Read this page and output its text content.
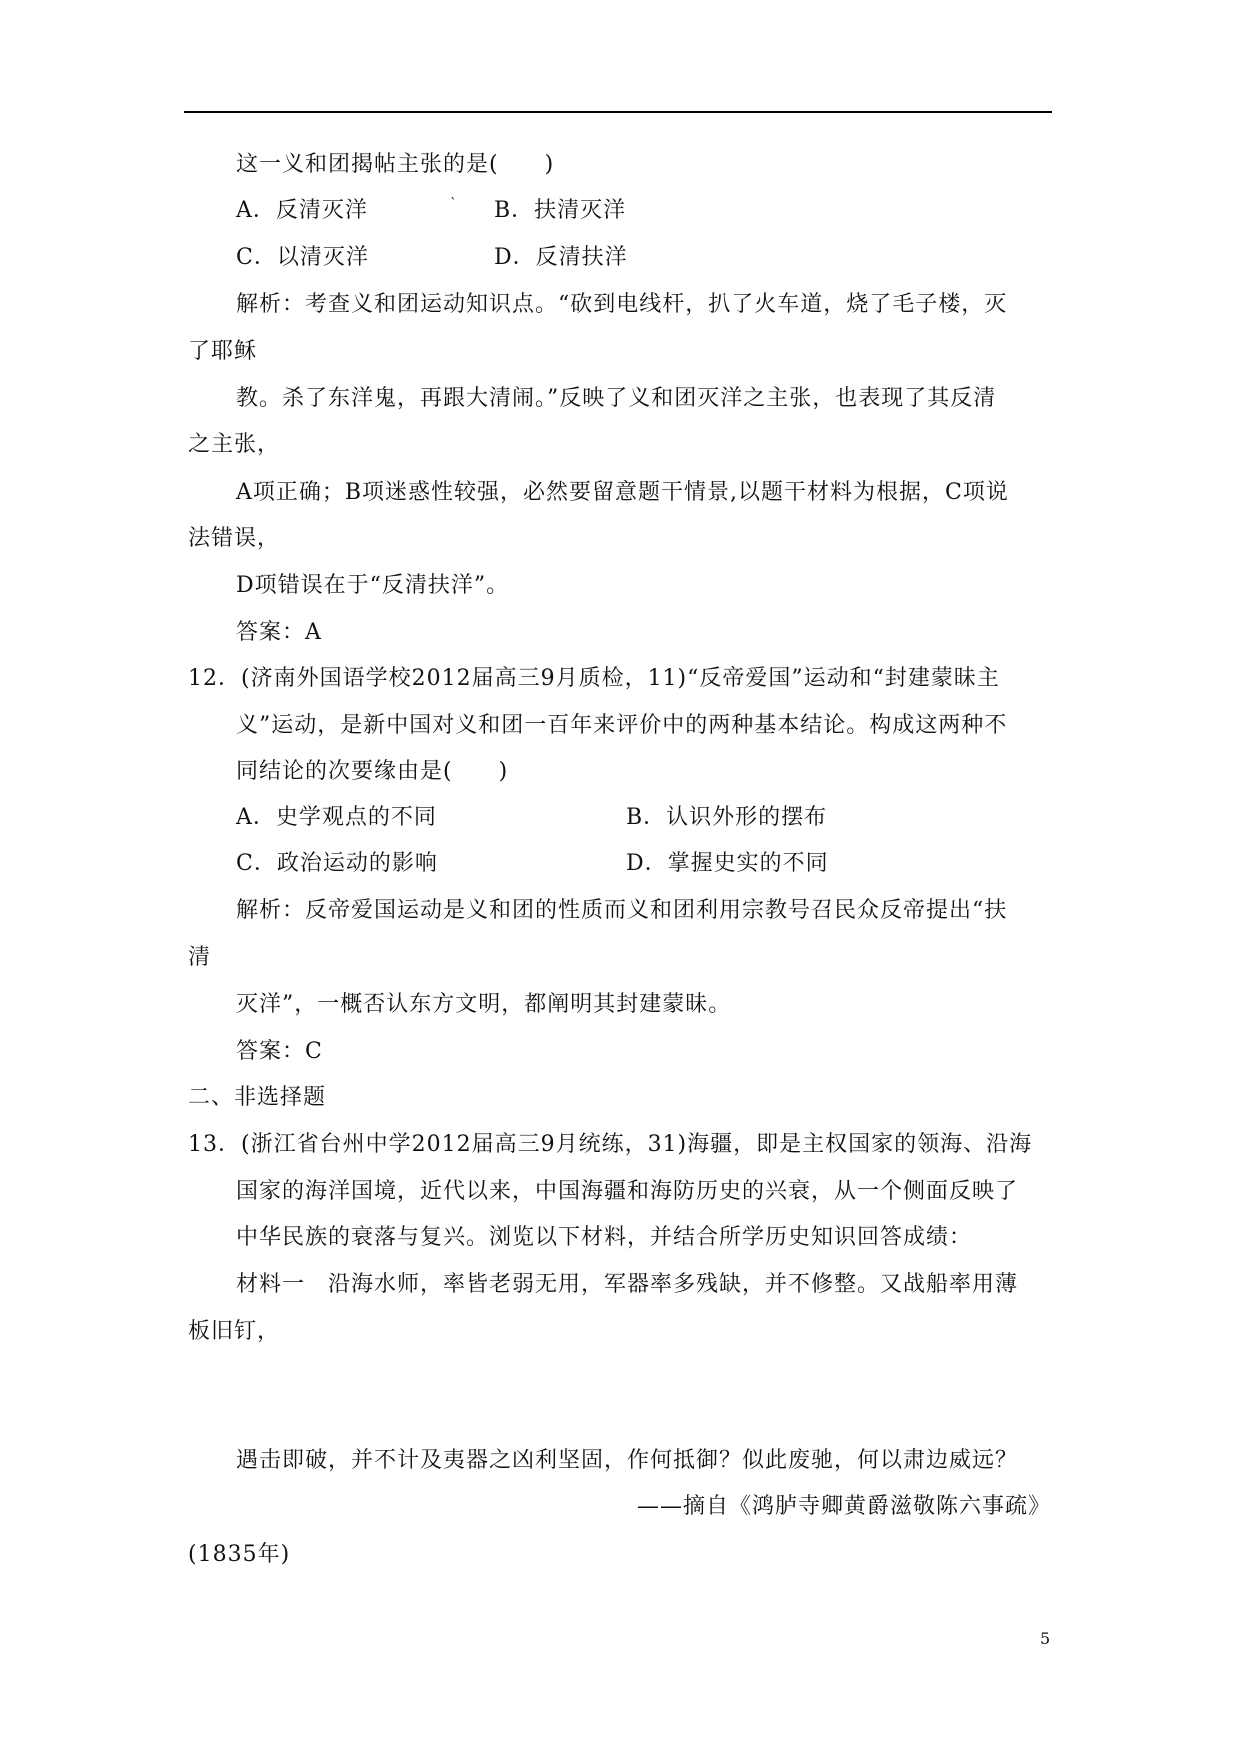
这一义和团揭帖主张的是(　　)
A．反清灭洋	` B．扶清灭洋
C．以清灭洋	D．反清扶洋
解析：考查义和团运动知识点。“砍到电线杆，扒了火车道，烧了毛子楼，灭
了耶稣
教。杀了东洋鬼，再跟大清闹。”反映了义和团灭洋之主张，也表现了其反清
之主张，
A项正确；B项迷惑性较强，必然要留意题干情景,以题干材料为根据，C项说
法错误，
D项错误在于“反清扶洋”。
答案：A
12．(济南外国语学校2012届高三9月质检，11)“反帝爱国”运动和“封建蒙昧主
义”运动，是新中国对义和团一百年来评价中的两种基本结论。构成这两种不
同结论的次要缘由是(　　)
A．史学观点的不同	B．认识外形的摆布
C．政治运动的影响	D．掌握史实的不同
解析：反帝爱国运动是义和团的性质而义和团利用宗教号召民众反帝提出“扶
清
灭洋”，一概否认东方文明，都阐明其封建蒙昧。
答案：C
二、非选择题
13．(浙江省台州中学2012届高三9月统练，31)海疆，即是主权国家的领海、沿海
国家的海洋国境，近代以来，中国海疆和海防历史的兴衰，从一个侧面反映了
中华民族的衰落与复兴。浏览以下材料，并结合所学历史知识回答成绩：
材料一　沿海水师，率皆老弱无用，军器率多残缺，并不修整。又战船率用薄
板旧钉，
遇击即破，并不计及夷器之凶利坚固，作何抵御？似此废驰，何以肃边威远？
——摘自《鸿胪寺卿黄爵滋敬陈六事疏》
(1835年)
5
